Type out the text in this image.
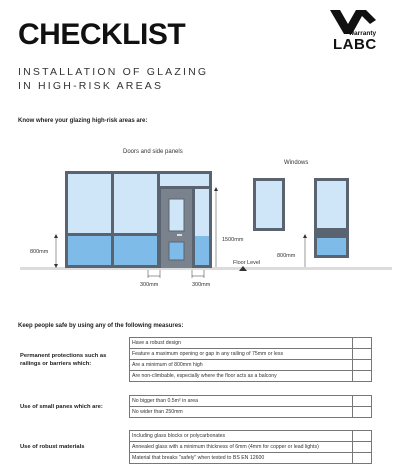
CHECKLIST
INSTALLATION OF GLAZING
IN HIGH-RISK AREAS
warranty
LABC
Know where your glazing high-risk areas are:
Doors and side panels
Windows
800mm
1500mm
Floor Level
300mm	300mm
800mm
Keep people safe by using any of the following measures:
Permanent protections such as railings or barriers which:	Have a robust design	
	Feature a maximum opening or gap in any railing of 75mm or less	
	Are a minimum of 800mm high	
	Are non-climbable, especially where the floor acts as a balcony	
Use of small panes which are:	No bigger than 0.5m² in area	
	No wider than 250mm	
Use of robust materials	Including glass blocks or polycarbonates	
	Annealed glass with a minimum thickness of 6mm (4mm for copper or lead lights)	
	Material that breaks "safely" when tested to BS EN 12600	
